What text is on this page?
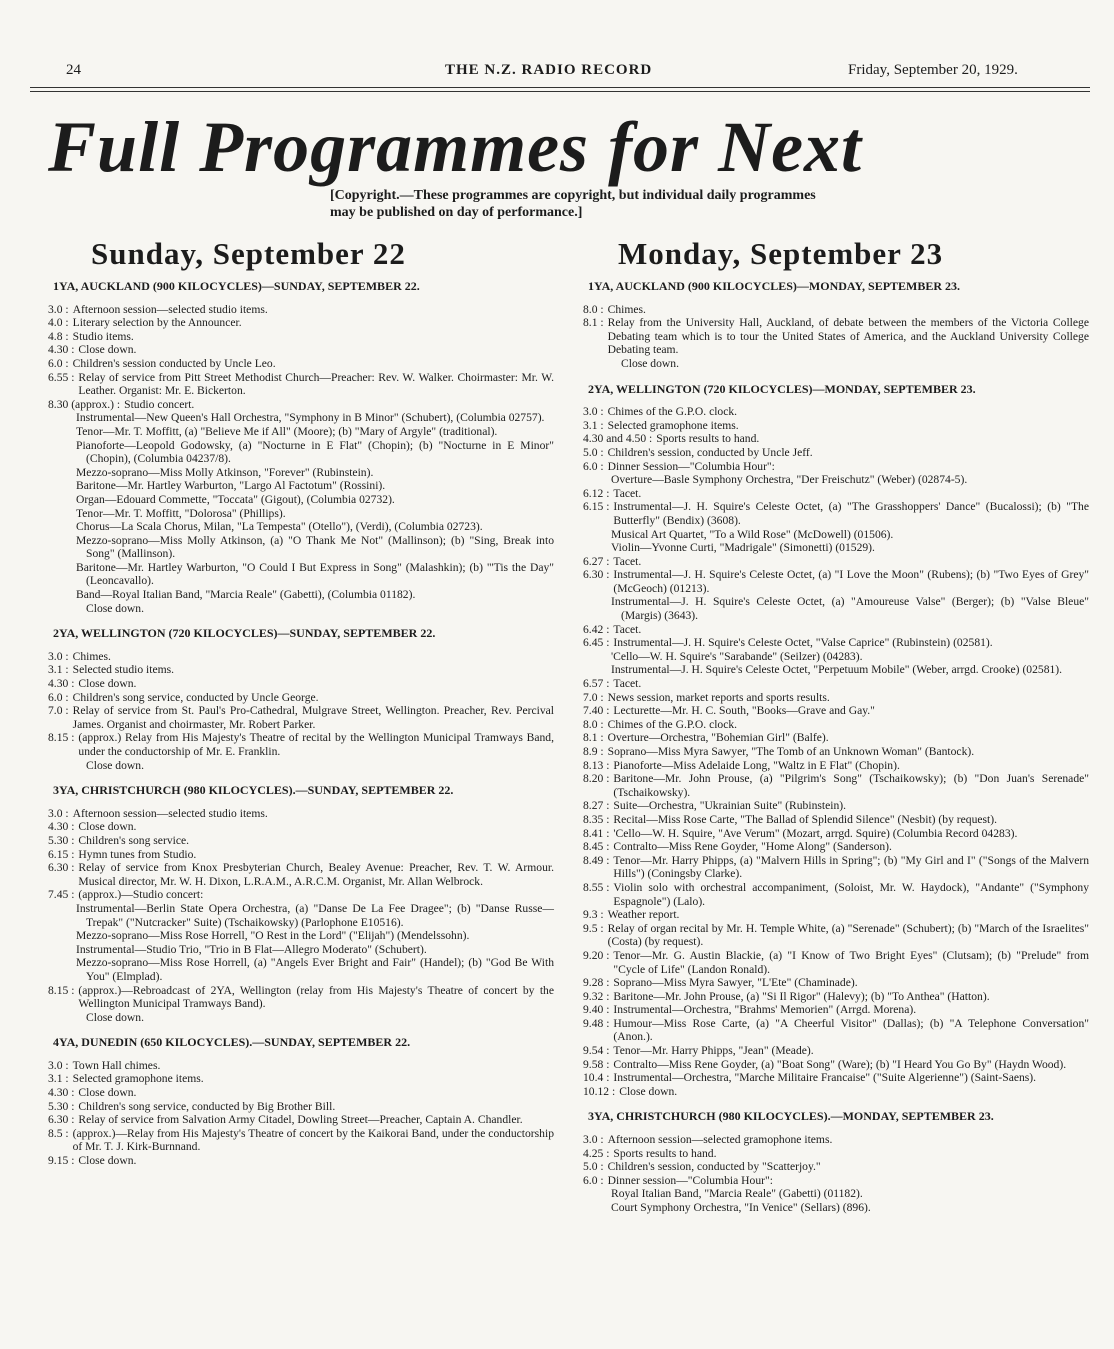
24	THE N.Z. RADIO RECORD	Friday, September 20, 1929.
Full Programmes for Next
[Copyright.—These programmes are copyright, but individual daily programmes may be published on day of performance.]
Sunday, September 22	Monday, September 23
1YA, AUCKLAND (900 KILOCYCLES)—SUNDAY, SEPTEMBER 22.
3.0 : Afternoon session—selected studio items.
4.0 : Literary selection by the Announcer.
4.8 : Studio items.
4.30 : Close down.
6.0 : Children's session conducted by Uncle Leo.
6.55 : Relay of service from Pitt Street Methodist Church—Preacher: Rev. W. Walker. Choirmaster: Mr. W. Leather. Organist: Mr. E. Bickerton.
8.30 (approx.) : Studio concert.
Instrumental—New Queen's Hall Orchestra, "Symphony in B Minor" (Schubert), (Columbia 02757).
Tenor—Mr. T. Moffitt, (a) "Believe Me if All" (Moore); (b) "Mary of Argyle" (traditional).
Pianoforte—Leopold Godowsky, (a) "Nocturne in E Flat" (Chopin); (b) "Nocturne in E Minor" (Chopin), (Columbia 04237/8).
Mezzo-soprano—Miss Molly Atkinson, "Forever" (Rubinstein).
Baritone—Mr. Hartley Warburton, "Largo Al Factotum" (Rossini).
Organ—Edouard Commette, "Toccata" (Gigout), (Columbia 02732).
Tenor—Mr. T. Moffitt, "Dolorosa" (Phillips).
Chorus—La Scala Chorus, Milan, "La Tempesta" (Otello"), (Verdi), (Columbia 02723).
Mezzo-soprano—Miss Molly Atkinson, (a) "O Thank Me Not" (Mallinson); (b) "Sing, Break into Song" (Mallinson).
Baritone—Mr. Hartley Warburton, "O Could I But Express in Song" (Malashkin); (b) "'Tis the Day" (Leoncavallo).
Band—Royal Italian Band, "Marcia Reale" (Gabetti), (Columbia 01182).
Close down.
2YA, WELLINGTON (720 KILOCYCLES)—SUNDAY, SEPTEMBER 22.
3.0 : Chimes.
3.1 : Selected studio items.
4.30 : Close down.
6.0 : Children's song service, conducted by Uncle George.
7.0 : Relay of service from St. Paul's Pro-Cathedral, Mulgrave Street, Wellington. Preacher, Rev. Percival James. Organist and choirmaster, Mr. Robert Parker.
8.15 : (approx.) Relay from His Majesty's Theatre of recital by the Wellington Municipal Tramways Band, under the conductorship of Mr. E. Franklin.
Close down.
3YA, CHRISTCHURCH (980 KILOCYCLES).—SUNDAY, SEPTEMBER 22.
3.0 : Afternoon session—selected studio items.
4.30 : Close down.
5.30 : Children's song service.
6.15 : Hymn tunes from Studio.
6.30 : Relay of service from Knox Presbyterian Church, Bealey Avenue: Preacher, Rev. T. W. Armour. Musical director, Mr. W. H. Dixon, L.R.A.M., A.R.C.M. Organist, Mr. Allan Welbrock.
7.45 : (approx.)—Studio concert:
Instrumental—Berlin State Opera Orchestra, (a) "Danse De La Fee Dragee"; (b) "Danse Russe—Trepak" ("Nutcracker" Suite) (Tschaikowsky) (Parlophone E10516).
Mezzo-soprano—Miss Rose Horrell, "O Rest in the Lord" ("Elijah") (Mendelssohn).
Instrumental—Studio Trio, "Trio in B Flat—Allegro Moderato" (Schubert).
Mezzo-soprano—Miss Rose Horrell, (a) "Angels Ever Bright and Fair" (Handel); (b) "God Be With You" (Elmplad).
8.15 : (approx.)—Rebroadcast of 2YA, Wellington (relay from His Majesty's Theatre of concert by the Wellington Municipal Tramways Band).
Close down.
4YA, DUNEDIN (650 KILOCYCLES).—SUNDAY, SEPTEMBER 22.
3.0 : Town Hall chimes.
3.1 : Selected gramophone items.
4.30 : Close down.
5.30 : Children's song service, conducted by Big Brother Bill.
6.30 : Relay of service from Salvation Army Citadel, Dowling Street—Preacher, Captain A. Chandler.
8.5 : (approx.)—Relay from His Majesty's Theatre of concert by the Kaikorai Band, under the conductorship of Mr. T. J. Kirk-Burnnand.
9.15 : Close down.
1YA, AUCKLAND (900 KILOCYCLES)—MONDAY, SEPTEMBER 23.
8.0 : Chimes.
8.1 : Relay from the University Hall, Auckland, of debate between the members of the Victoria College Debating team which is to tour the United States of America, and the Auckland University College Debating team.
Close down.
2YA, WELLINGTON (720 KILOCYCLES)—MONDAY, SEPTEMBER 23.
3.0 : Chimes of the G.P.O. clock.
3.1 : Selected gramophone items.
4.30 and 4.50 : Sports results to hand.
5.0 : Children's session, conducted by Uncle Jeff.
6.0 : Dinner Session—"Columbia Hour":
Overture—Basle Symphony Orchestra, "Der Freischutz" (Weber) (02874-5).
6.12 : Tacet.
6.15 : Instrumental—J. H. Squire's Celeste Octet, (a) "The Grasshoppers' Dance" (Bucalossi); (b) "The Butterfly" (Bendix) (3608).
Musical Art Quartet, "To a Wild Rose" (McDowell) (01506).
Violin—Yvonne Curti, "Madrigale" (Simonetti) (01529).
6.27 : Tacet.
6.30 : Instrumental—J. H. Squire's Celeste Octet, (a) "I Love the Moon" (Rubens); (b) "Two Eyes of Grey" (McGeoch) (01213).
Instrumental—J. H. Squire's Celeste Octet, (a) "Amoureuse Valse" (Berger); (b) "Valse Bleue" (Margis) (3643).
6.42 : Tacet.
6.45 : Instrumental—J. H. Squire's Celeste Octet, "Valse Caprice" (Rubinstein) (02581).
'Cello—W. H. Squire's "Sarabande" (Seilzer) (04283).
Instrumental—J. H. Squire's Celeste Octet, "Perpetuum Mobile" (Weber, arrgd. Crooke) (02581).
6.57 : Tacet.
7.0 : News session, market reports and sports results.
7.40 : Lecturette—Mr. H. C. South, "Books—Grave and Gay."
8.0 : Chimes of the G.P.O. clock.
8.1 : Overture—Orchestra, "Bohemian Girl" (Balfe).
8.9 : Soprano—Miss Myra Sawyer, "The Tomb of an Unknown Woman" (Bantock).
8.13 : Pianoforte—Miss Adelaide Long, "Waltz in E Flat" (Chopin).
8.20 : Baritone—Mr. John Prouse, (a) "Pilgrim's Song" (Tschaikowsky); (b) "Don Juan's Serenade" (Tschaikowsky).
8.27 : Suite—Orchestra, "Ukrainian Suite" (Rubinstein).
8.35 : Recital—Miss Rose Carte, "The Ballad of Splendid Silence" (Nesbit) (by request).
8.41 : 'Cello—W. H. Squire, "Ave Verum" (Mozart, arrgd. Squire) (Columbia Record 04283).
8.45 : Contralto—Miss Rene Goyder, "Home Along" (Sanderson).
8.49 : Tenor—Mr. Harry Phipps, (a) "Malvern Hills in Spring"; (b) "My Girl and I" ("Songs of the Malvern Hills") (Coningsby Clarke).
8.55 : Violin solo with orchestral accompaniment, (Soloist, Mr. W. Haydock), "Andante" ("Symphony Espagnole") (Lalo).
9.3 : Weather report.
9.5 : Relay of organ recital by Mr. H. Temple White, (a) "Serenade" (Schubert); (b) "March of the Israelites" (Costa) (by request).
9.20 : Tenor—Mr. G. Austin Blackie, (a) "I Know of Two Bright Eyes" (Clutsam); (b) "Prelude" from "Cycle of Life" (Landon Ronald).
9.28 : Soprano—Miss Myra Sawyer, "L'Ete" (Chaminade).
9.32 : Baritone—Mr. John Prouse, (a) "Si Il Rigor" (Halevy); (b) "To Anthea" (Hatton).
9.40 : Instrumental—Orchestra, "Brahms' Memorien" (Arrgd. Morena).
9.48 : Humour—Miss Rose Carte, (a) "A Cheerful Visitor" (Dallas); (b) "A Telephone Conversation" (Anon.).
9.54 : Tenor—Mr. Harry Phipps, "Jean" (Meade).
9.58 : Contralto—Miss Rene Goyder, (a) "Boat Song" (Ware); (b) "I Heard You Go By" (Haydn Wood).
10.4 : Instrumental—Orchestra, "Marche Militaire Francaise" ("Suite Algerienne") (Saint-Saens).
10.12 : Close down.
3YA, CHRISTCHURCH (980 KILOCYCLES).—MONDAY, SEPTEMBER 23.
3.0 : Afternoon session—selected gramophone items.
4.25 : Sports results to hand.
5.0 : Children's session, conducted by "Scatterjoy."
6.0 : Dinner session—"Columbia Hour":
Royal Italian Band, "Marcia Reale" (Gabetti) (01182).
Court Symphony Orchestra, "In Venice" (Sellars) (896).
